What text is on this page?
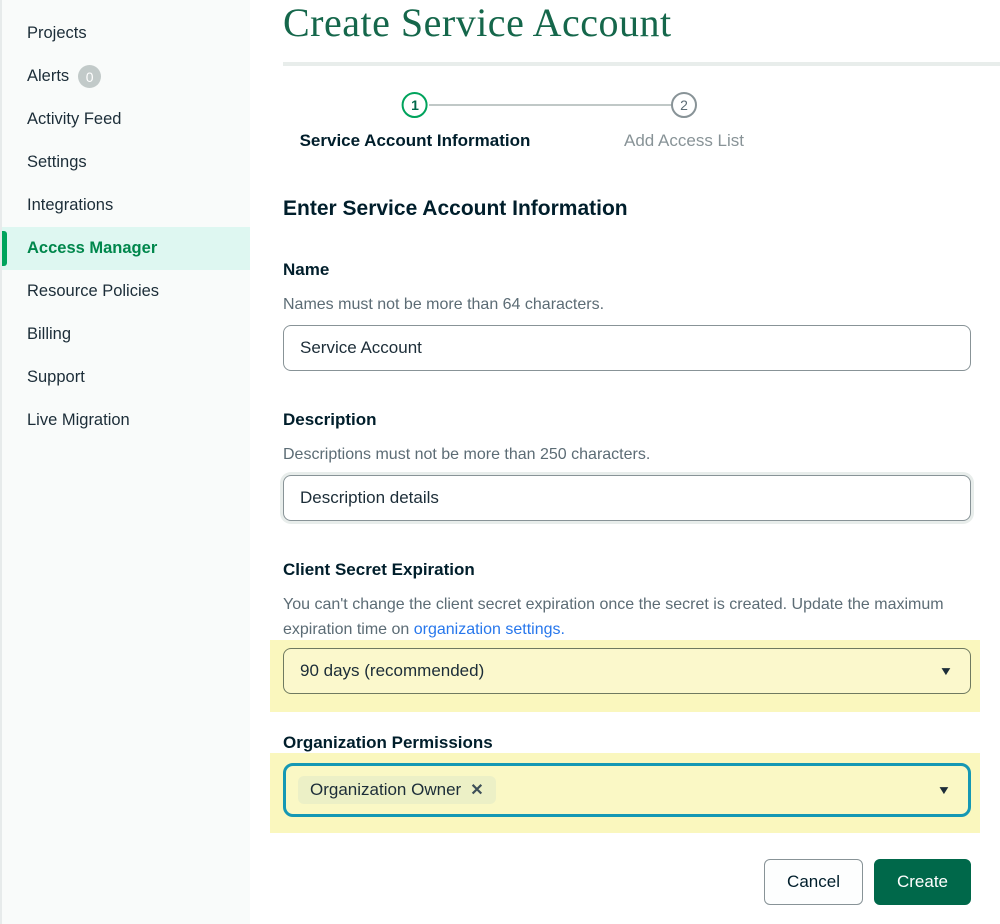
Projects
Alerts	0
Activity Feed
Settings
Integrations
Access Manager
Resource Policies
Billing
Support
Live Migration
Create Service Account
1
Service Account Information
2
Add Access List
Enter Service Account Information
Name
Names must not be more than 64 characters.
Service Account
Description
Descriptions must not be more than 250 characters.
Description details
Client Secret Expiration
You can't change the client secret expiration once the secret is created. Update the maximum expiration time on organization settings.
90 days (recommended)	▼
Organization Permissions
Organization Owner ✕	▼
Cancel	Create
